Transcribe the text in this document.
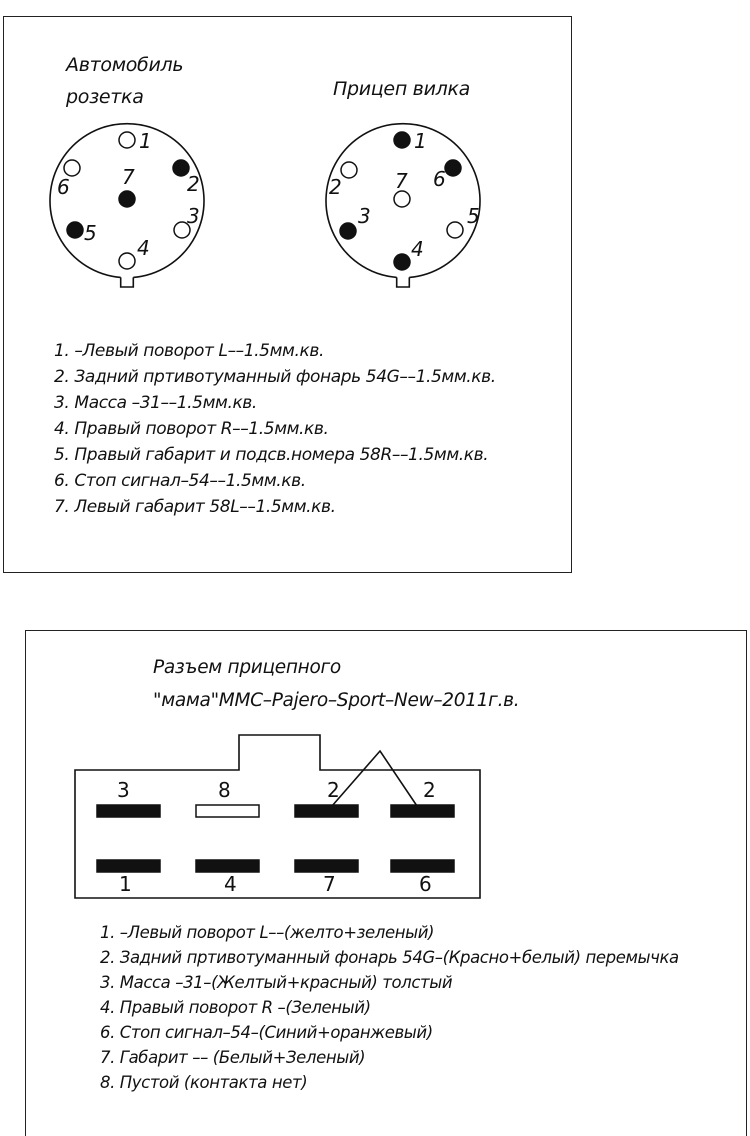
Автомобиль
розетка	Прицеп вилка
1
2
3
4
5
6	7
1
2
3
4
5
6
7
1. –Левый поворот L––1.5мм.кв.
2. Задний пртивотуманный фонарь 54G––1.5мм.кв.
3. Масса –31––1.5мм.кв.
4. Правый поворот R––1.5мм.кв.
5. Правый габарит и подсв.номера 58R––1.5мм.кв.
6. Стоп сигнал–54––1.5мм.кв.
7. Левый габарит 58L––1.5мм.кв.
Разъем прицепного
"мама"ММС–Pajero–Sport–New–2011г.в.
3	8	2	2
1	4	7	6
1. –Левый поворот L––(желто+зеленый)
2. Задний пртивотуманный фонарь 54G–(Красно+белый) перемычка
3. Масса –31–(Желтый+красный) толстый
4. Правый поворот R –(Зеленый)
6. Стоп сигнал–54–(Синий+оранжевый)
7. Габарит –– (Белый+Зеленый)
8. Пустой (контакта нет)
